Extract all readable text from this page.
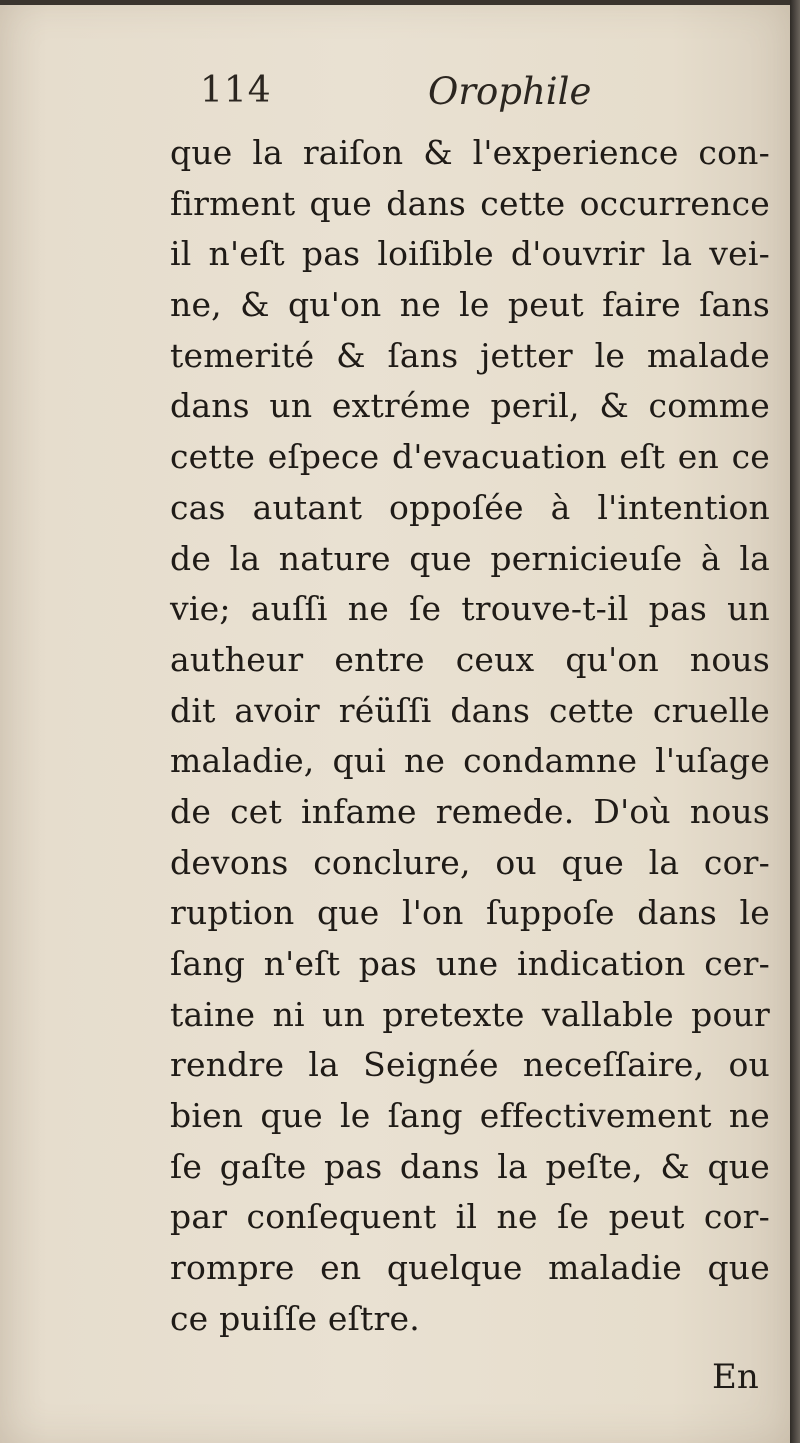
114	Orophile
que la raiſon & l'experience con-
firment que dans cette occurrence
il n'eſt pas loiſible d'ouvrir la vei-
ne, & qu'on ne le peut faire ſans
temerité & ſans jetter le malade
dans un extréme peril, & comme
cette eſpece d'evacuation eſt en ce
cas autant oppoſée à l'intention
de la nature que pernicieuſe à la
vie; auſſi ne ſe trouve-t-il pas un
autheur entre ceux qu'on nous
dit avoir réüſſi dans cette cruelle
maladie, qui ne condamne l'uſage
de cet infame remede. D'où nous
devons conclure, ou que la cor-
ruption que l'on ſuppoſe dans le
ſang n'eſt pas une indication cer-
taine ni un pretexte vallable pour
rendre la Seignée neceſſaire, ou
bien que le ſang effectivement ne
ſe gaſte pas dans la peſte, & que
par conſequent il ne ſe peut cor-
rompre en quelque maladie que
ce puiſſe eſtre.
En
